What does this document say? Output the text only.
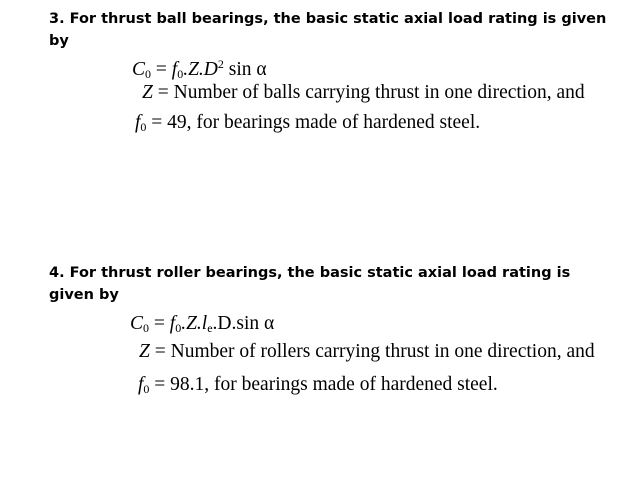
3. For thrust ball bearings, the basic static axial load rating is given by

$C_0 = f_0.Z.D^2$ sin α
Z = Number of balls carrying thrust in one direction, and
$f_0 = 49$, for bearings made of hardened steel.

4. For thrust roller bearings, the basic static axial load rating is given by

$C_0 = f_0.Z.l_e.D.\sin$ α
Z = Number of rollers carrying thrust in one direction, and
$f_0 = 98.1$, for bearings made of hardened steel.
